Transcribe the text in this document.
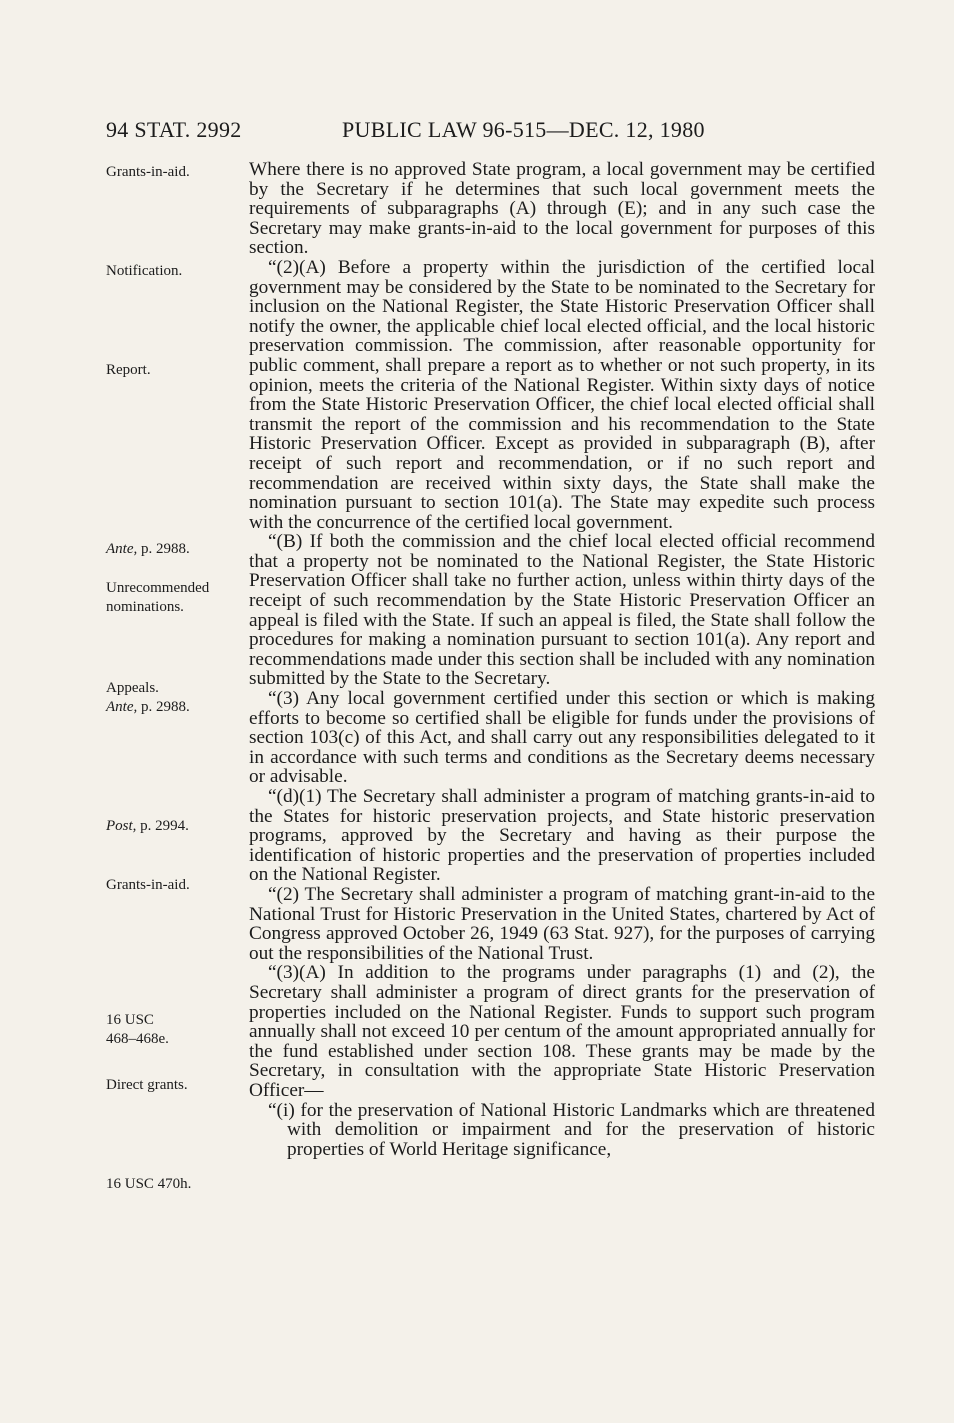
94 STAT. 2992	PUBLIC LAW 96-515—DEC. 12, 1980
Grants-in-aid.
Notification.
Report.
Ante, p. 2988.
Unrecommended
nominations.
Appeals.
Ante, p. 2988.
Post, p. 2994.
Grants-in-aid.
16 USC
468–468e.
Direct grants.
16 USC 470h.

Where there is no approved State program, a local government may be certified by the Secretary if he determines that such local government meets the requirements of subparagraphs (A) through (E); and in any such case the Secretary may make grants-in-aid to the local government for purposes of this section.

“(2)(A) Before a property within the jurisdiction of the certified local government may be considered by the State to be nominated to the Secretary for inclusion on the National Register, the State Historic Preservation Officer shall notify the owner, the applicable chief local elected official, and the local historic preservation commission. The commission, after reasonable opportunity for public comment, shall prepare a report as to whether or not such property, in its opinion, meets the criteria of the National Register. Within sixty days of notice from the State Historic Preservation Officer, the chief local elected official shall transmit the report of the commission and his recommendation to the State Historic Preservation Officer. Except as provided in subparagraph (B), after receipt of such report and recommendation, or if no such report and recommendation are received within sixty days, the State shall make the nomination pursuant to section 101(a). The State may expedite such process with the concurrence of the certified local government.

“(B) If both the commission and the chief local elected official recommend that a property not be nominated to the National Register, the State Historic Preservation Officer shall take no further action, unless within thirty days of the receipt of such recommendation by the State Historic Preservation Officer an appeal is filed with the State. If such an appeal is filed, the State shall follow the procedures for making a nomination pursuant to section 101(a). Any report and recommendations made under this section shall be included with any nomination submitted by the State to the Secretary.

“(3) Any local government certified under this section or which is making efforts to become so certified shall be eligible for funds under the provisions of section 103(c) of this Act, and shall carry out any responsibilities delegated to it in accordance with such terms and conditions as the Secretary deems necessary or advisable.

“(d)(1) The Secretary shall administer a program of matching grants-in-aid to the States for historic preservation projects, and State historic preservation programs, approved by the Secretary and having as their purpose the identification of historic properties and the preservation of properties included on the National Register.

“(2) The Secretary shall administer a program of matching grant-in-aid to the National Trust for Historic Preservation in the United States, chartered by Act of Congress approved October 26, 1949 (63 Stat. 927), for the purposes of carrying out the responsibilities of the National Trust.

“(3)(A) In addition to the programs under paragraphs (1) and (2), the Secretary shall administer a program of direct grants for the preservation of properties included on the National Register. Funds to support such program annually shall not exceed 10 per centum of the amount appropriated annually for the fund established under section 108. These grants may be made by the Secretary, in consultation with the appropriate State Historic Preservation Officer—

“(i) for the preservation of National Historic Landmarks which are threatened with demolition or impairment and for the preservation of historic properties of World Heritage significance,
